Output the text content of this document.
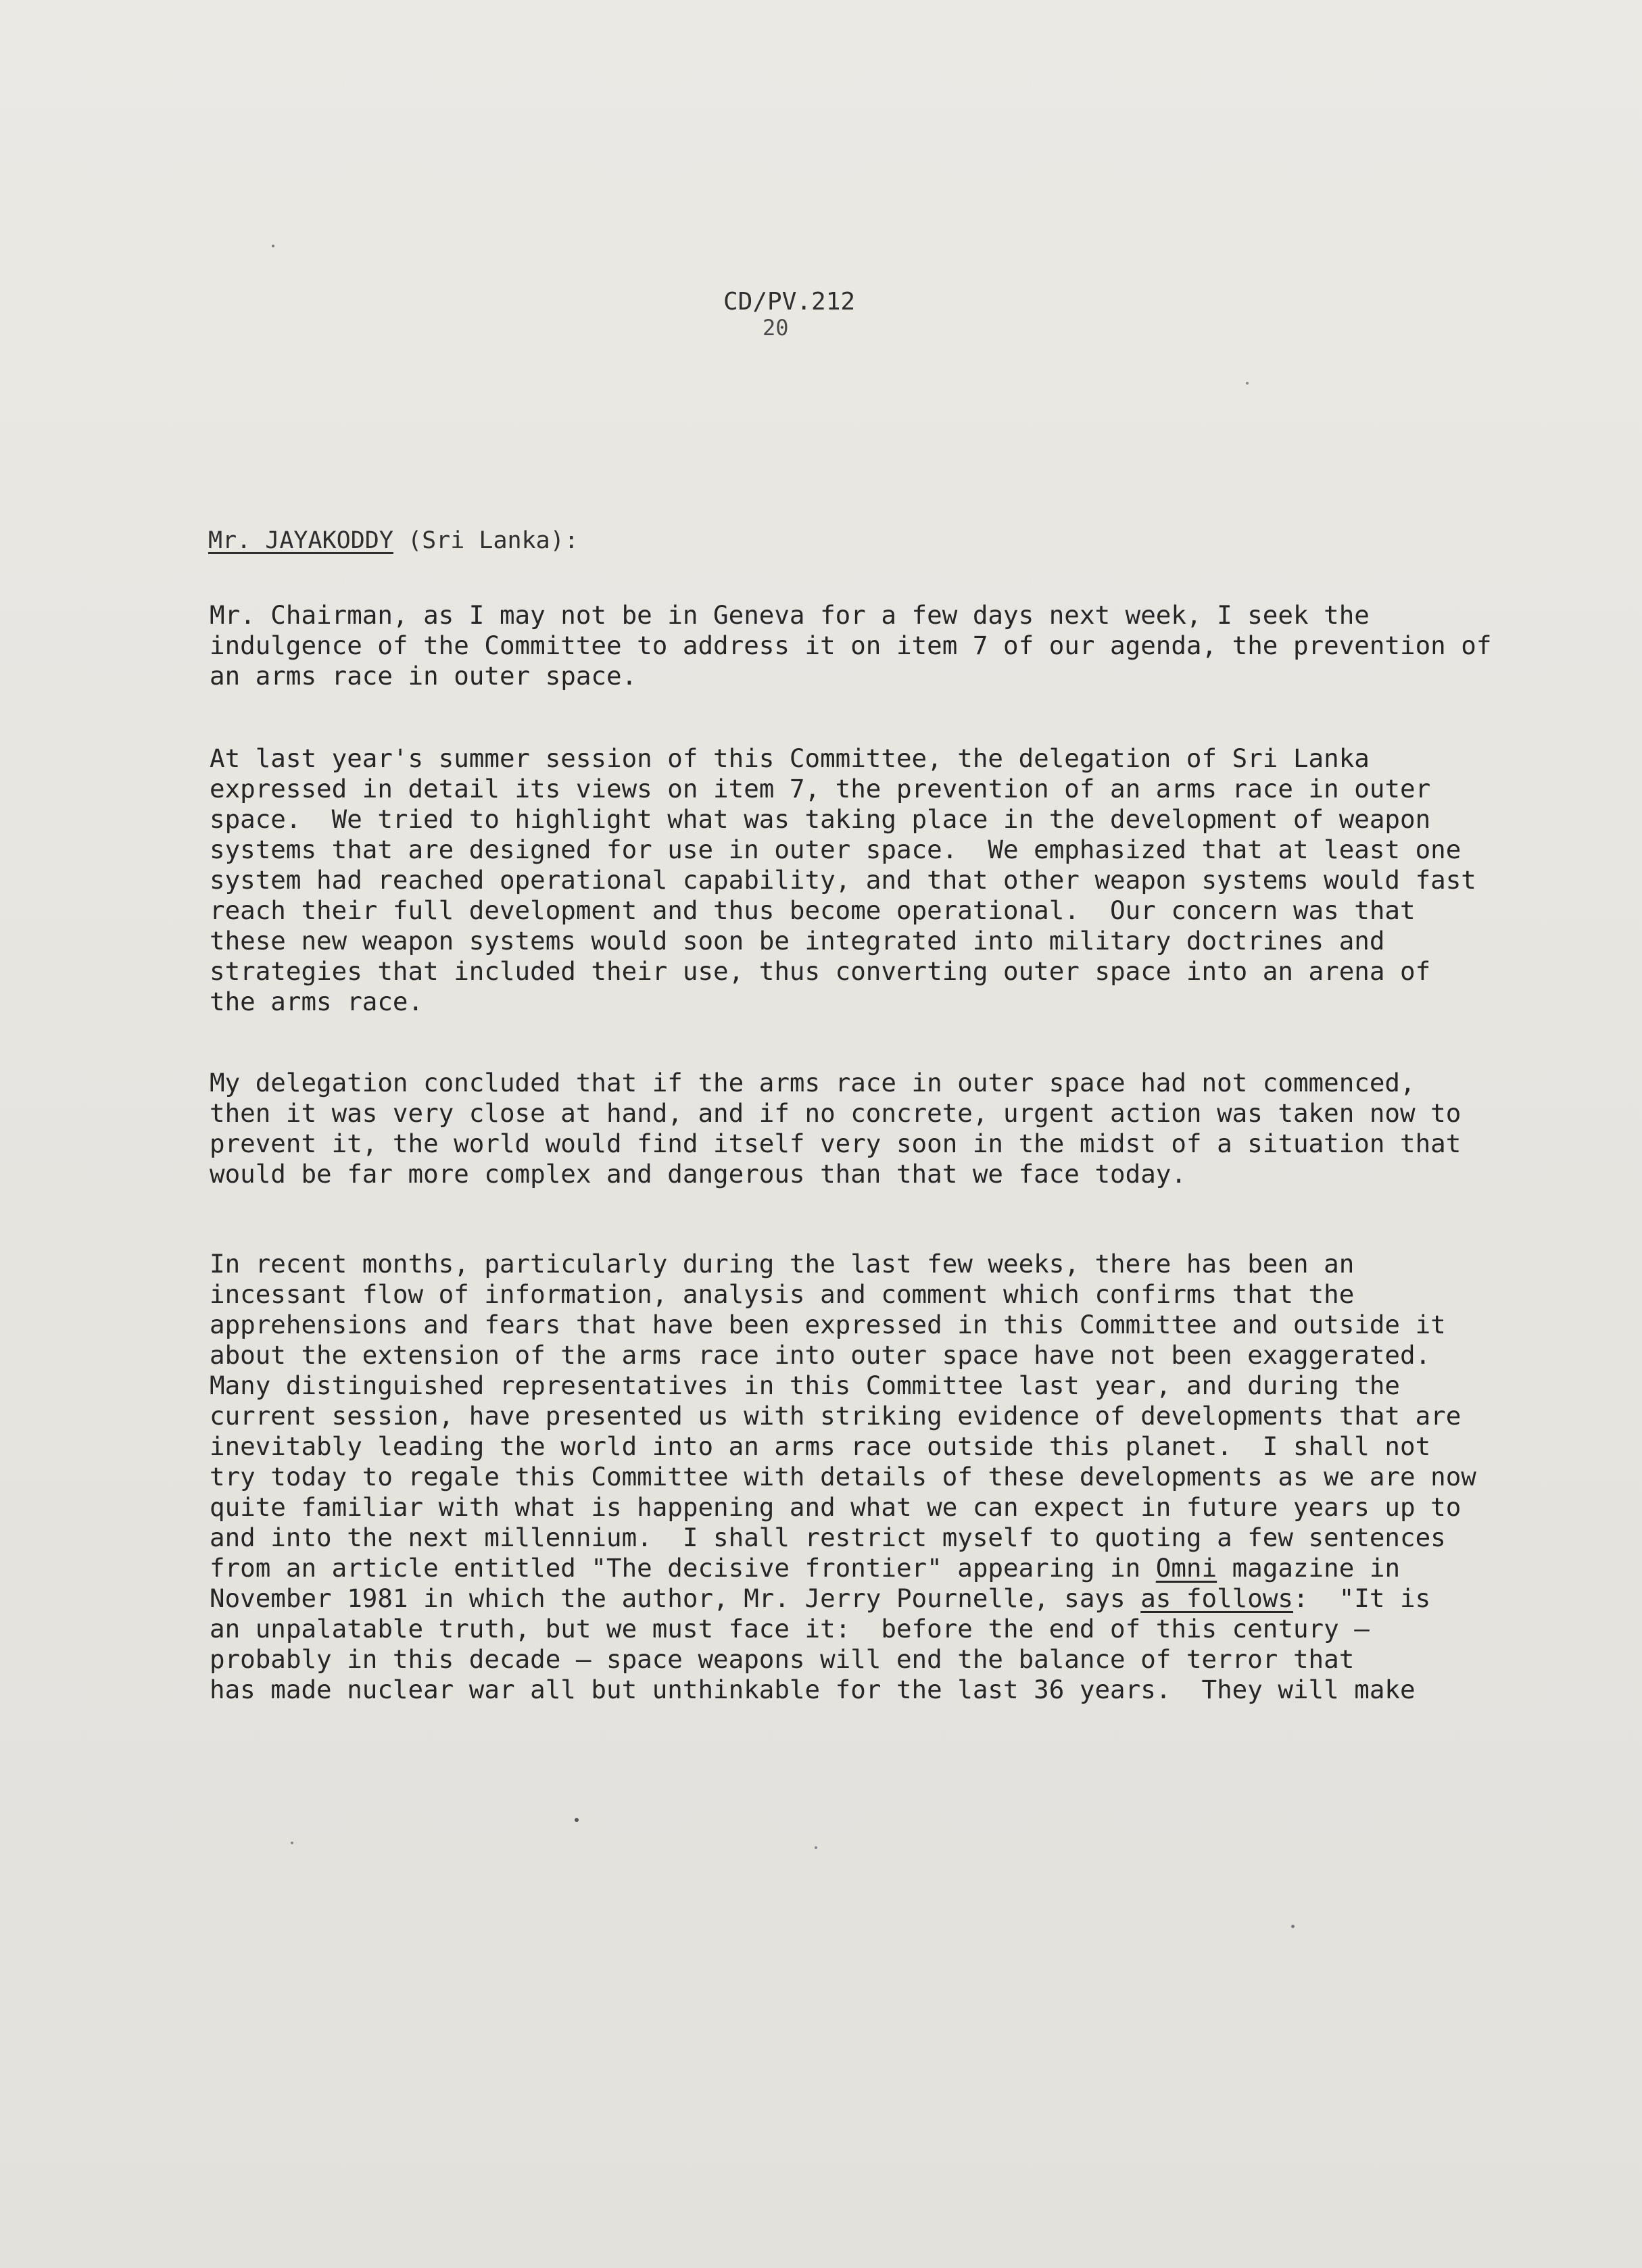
CD/PV.212
20
Mr. JAYAKODDY (Sri Lanka):
Mr. Chairman, as I may not be in Geneva for a few days next week, I seek the
indulgence of the Committee to address it on item 7 of our agenda, the prevention of
an arms race in outer space.
At last year's summer session of this Committee, the delegation of Sri Lanka
expressed in detail its views on item 7, the prevention of an arms race in outer
space.  We tried to highlight what was taking place in the development of weapon
systems that are designed for use in outer space.  We emphasized that at least one
system had reached operational capability, and that other weapon systems would fast
reach their full development and thus become operational.  Our concern was that
these new weapon systems would soon be integrated into military doctrines and
strategies that included their use, thus converting outer space into an arena of
the arms race.
My delegation concluded that if the arms race in outer space had not commenced,
then it was very close at hand, and if no concrete, urgent action was taken now to
prevent it, the world would find itself very soon in the midst of a situation that
would be far more complex and dangerous than that we face today.
In recent months, particularly during the last few weeks, there has been an
incessant flow of information, analysis and comment which confirms that the
apprehensions and fears that have been expressed in this Committee and outside it
about the extension of the arms race into outer space have not been exaggerated.
Many distinguished representatives in this Committee last year, and during the
current session, have presented us with striking evidence of developments that are
inevitably leading the world into an arms race outside this planet.  I shall not
try today to regale this Committee with details of these developments as we are now
quite familiar with what is happening and what we can expect in future years up to
and into the next millennium.  I shall restrict myself to quoting a few sentences
from an article entitled "The decisive frontier" appearing in Omni magazine in
November 1981 in which the author, Mr. Jerry Pournelle, says as follows:  "It is
an unpalatable truth, but we must face it:  before the end of this century —
probably in this decade — space weapons will end the balance of terror that
has made nuclear war all but unthinkable for the last 36 years.  They will make
